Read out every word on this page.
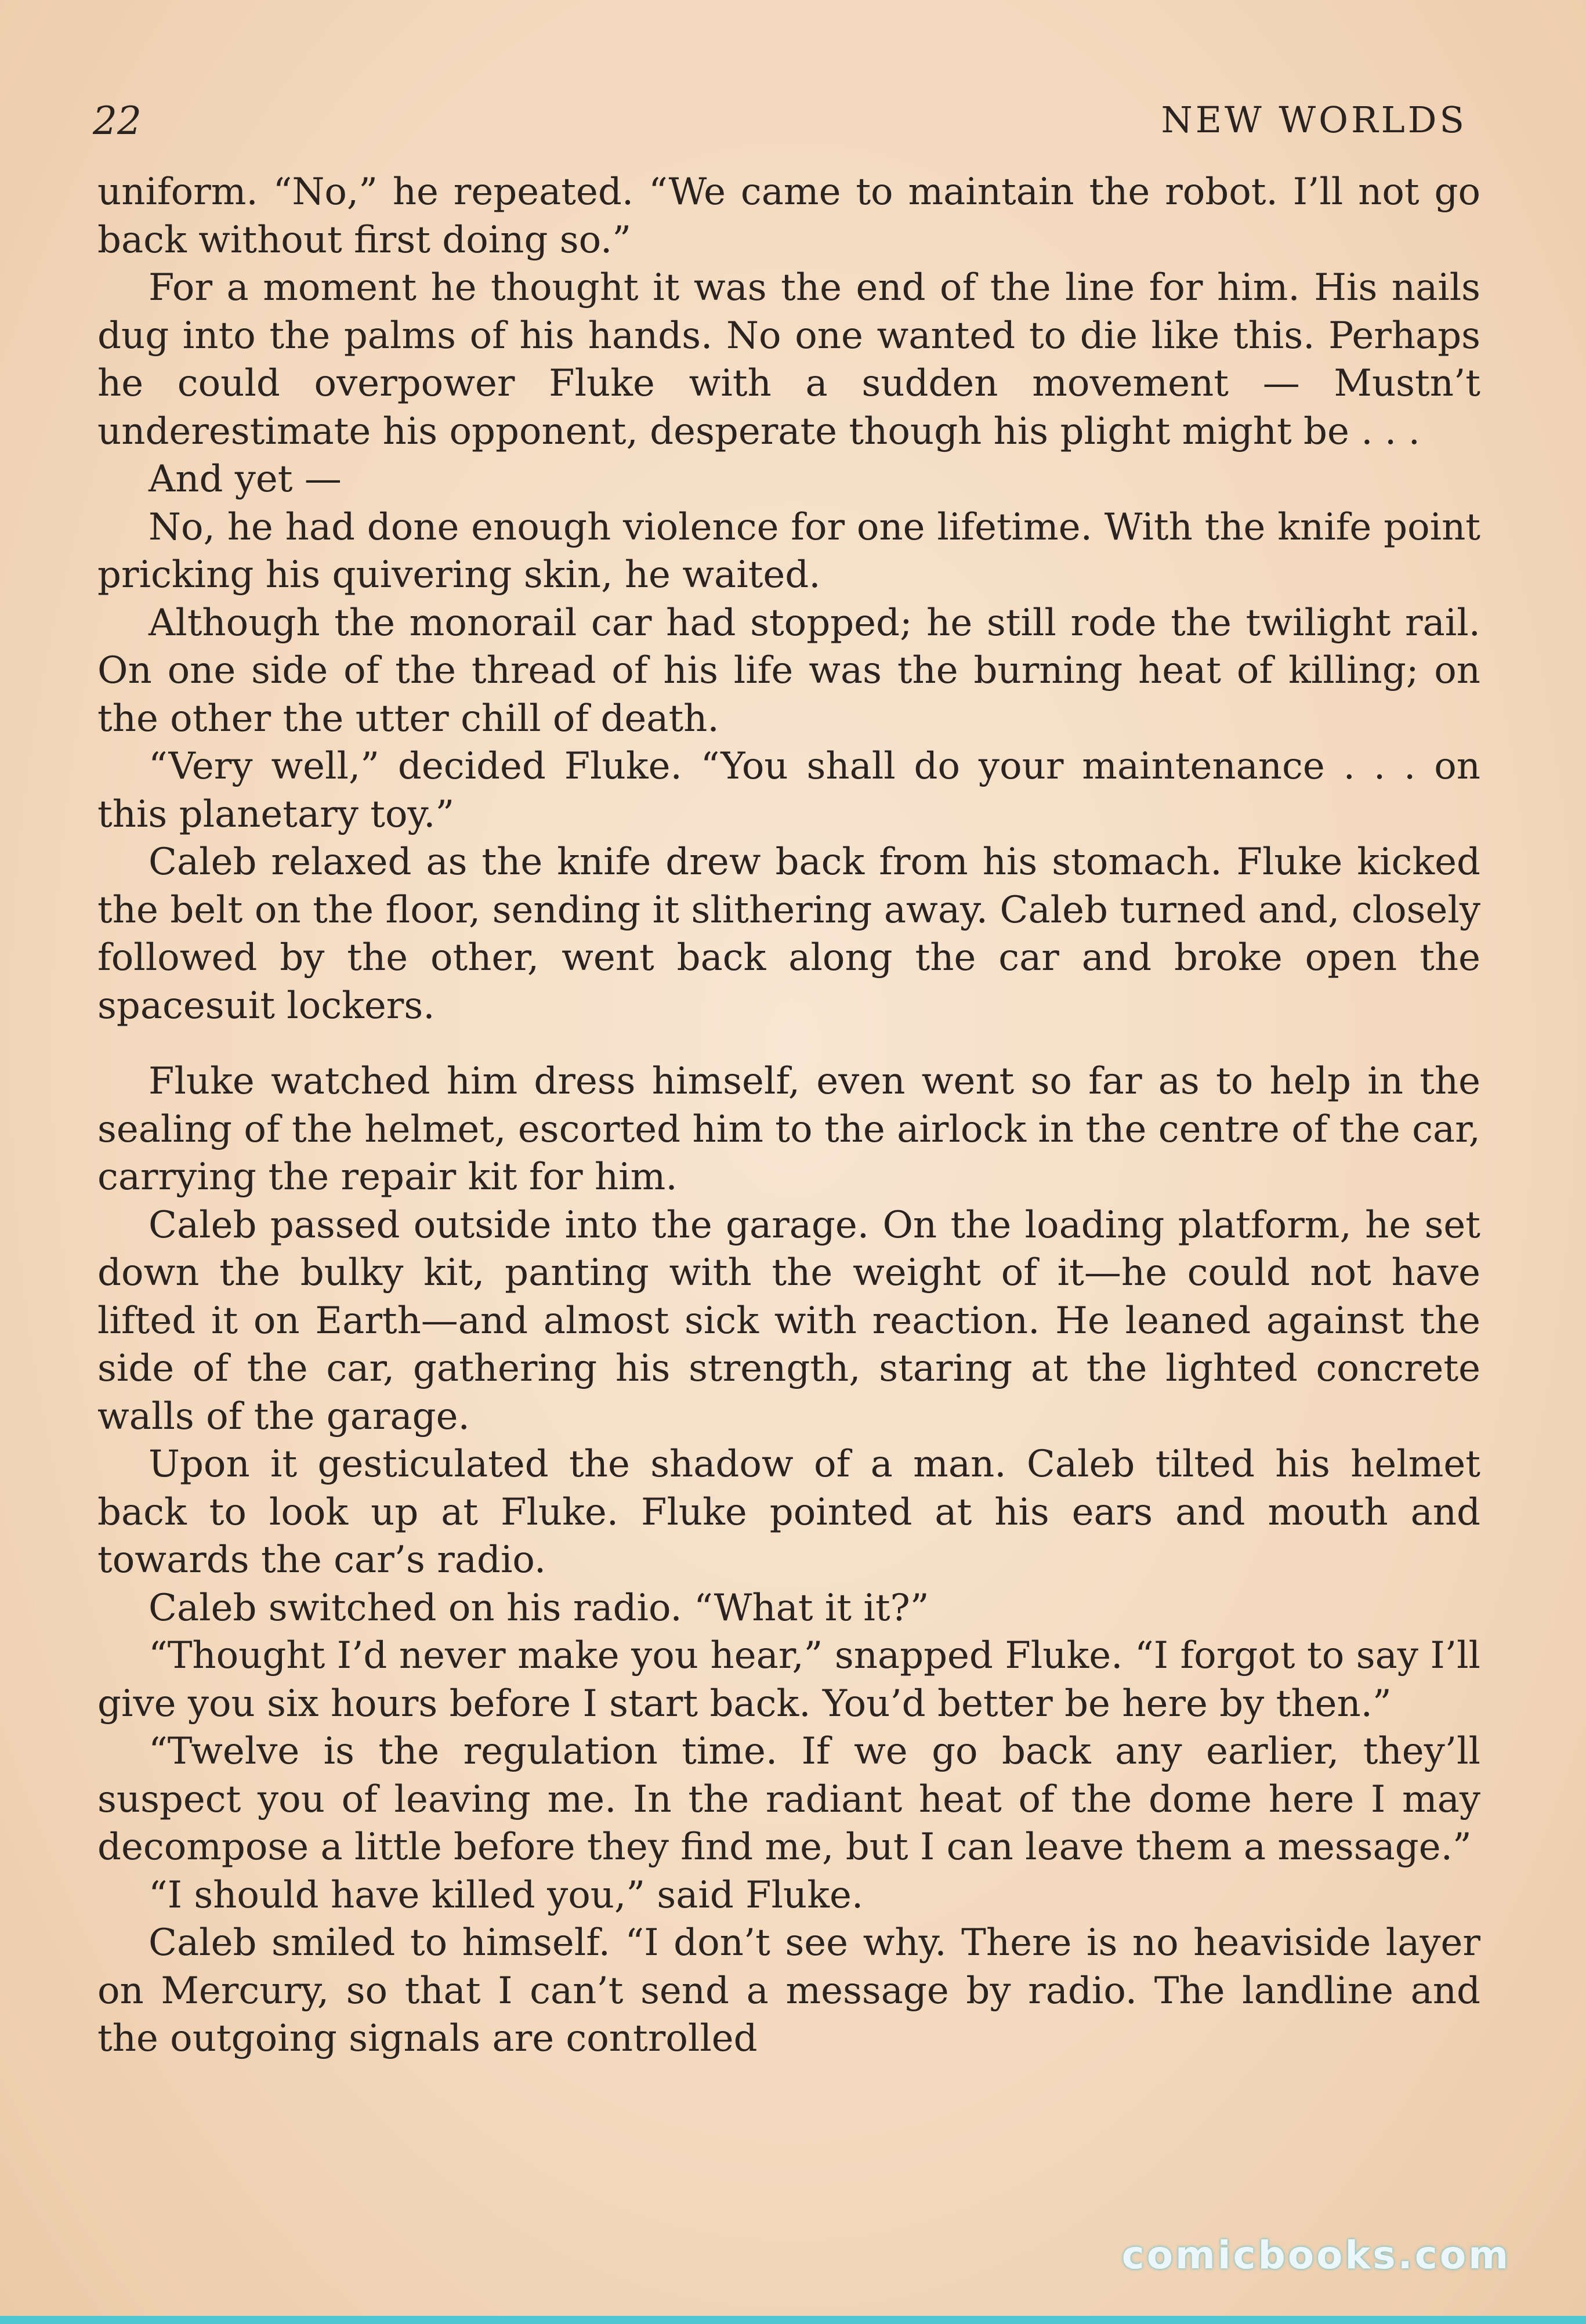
22	NEW WORLDS

uniform. “No,” he repeated. “We came to maintain the robot. I’ll not go back without first doing so.”

For a moment he thought it was the end of the line for him. His nails dug into the palms of his hands. No one wanted to die like this. Perhaps he could overpower Fluke with a sudden movement — Mustn’t underestimate his opponent, desperate though his plight might be . . .

And yet —

No, he had done enough violence for one lifetime. With the knife point pricking his quivering skin, he waited.

Although the monorail car had stopped; he still rode the twilight rail. On one side of the thread of his life was the burning heat of killing; on the other the utter chill of death.

“Very well,” decided Fluke. “You shall do your maintenance . . . on this planetary toy.”

Caleb relaxed as the knife drew back from his stomach. Fluke kicked the belt on the floor, sending it slithering away. Caleb turned and, closely followed by the other, went back along the car and broke open the spacesuit lockers.

Fluke watched him dress himself, even went so far as to help in the sealing of the helmet, escorted him to the airlock in the centre of the car, carrying the repair kit for him.

Caleb passed outside into the garage. On the loading platform, he set down the bulky kit, panting with the weight of it—he could not have lifted it on Earth—and almost sick with reaction. He leaned against the side of the car, gathering his strength, staring at the lighted concrete walls of the garage.

Upon it gesticulated the shadow of a man. Caleb tilted his helmet back to look up at Fluke. Fluke pointed at his ears and mouth and towards the car’s radio.

Caleb switched on his radio. “What it it?”

“Thought I’d never make you hear,” snapped Fluke. “I forgot to say I’ll give you six hours before I start back. You’d better be here by then.”

“Twelve is the regulation time. If we go back any earlier, they’ll suspect you of leaving me. In the radiant heat of the dome here I may decompose a little before they find me, but I can leave them a message.”

“I should have killed you,” said Fluke.

Caleb smiled to himself. “I don’t see why. There is no heaviside layer on Mercury, so that I can’t send a message by radio. The landline and the outgoing signals are controlled

comicbooks.com
